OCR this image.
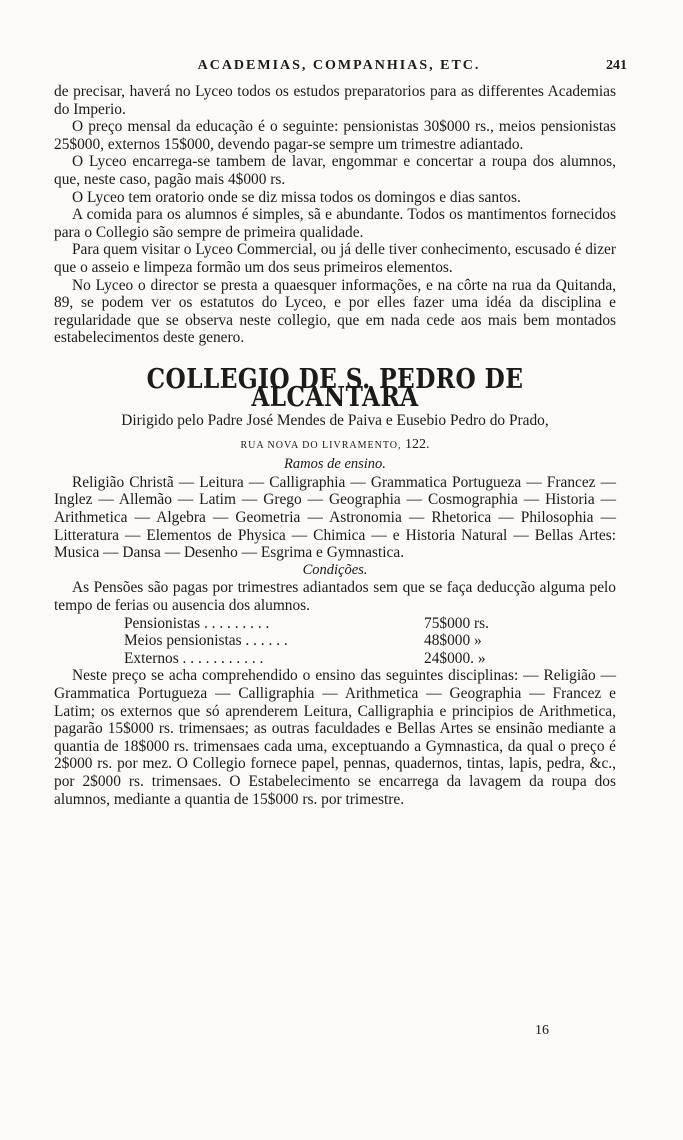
ACADEMIAS, COMPANHIAS, ETC.	241

de precisar, haverá no Lyceo todos os estudos preparatorios para as differentes Academias do Imperio.

O preço mensal da educação é o seguinte: pensionistas 30$000 rs., meios pensionistas 25$000, externos 15$000, devendo pagar-se sempre um trimestre adiantado.

O Lyceo encarrega-se tambem de lavar, engommar e concertar a roupa dos alumnos, que, neste caso, pagão mais 4$000 rs.

O Lyceo tem oratorio onde se diz missa todos os domingos e dias santos.

A comida para os alumnos é simples, sã e abundante. Todos os mantimentos fornecidos para o Collegio são sempre de primeira qualidade.

Para quem visitar o Lyceo Commercial, ou já delle tiver conhecimento, escusado é dizer que o asseio e limpeza formão um dos seus primeiros elementos.

No Lyceo o director se presta a quaesquer informações, e na côrte na rua da Quitanda, 89, se podem ver os estatutos do Lyceo, e por elles fazer uma idéa da disciplina e regularidade que se observa neste collegio, que em nada cede aos mais bem montados estabelecimentos deste genero.

COLLEGIO DE S. PEDRO DE ALCANTARA
Dirigido pelo Padre José Mendes de Paiva e Eusebio Pedro do Prado,
RUA NOVA DO LIVRAMENTO, 122.
Ramos de ensino.

Religião Christã — Leitura — Calligraphia — Grammatica Portugueza — Francez — Inglez — Allemão — Latim — Grego — Geographia — Cosmographia — Historia — Arithmetica — Algebra — Geometria — Astronomia — Rhetorica — Philosophia — Litteratura — Elementos de Physica — Chimica — e Historia Natural — Bellas Artes: Musica — Dansa — Desenho — Esgrima e Gymnastica.

Condições.

As Pensões são pagas por trimestres adiantados sem que se faça deducção alguma pelo tempo de ferias ou ausencia dos alumnos.

Pensionistas . . . . . . . . .	75$000 rs.
Meios pensionistas . . . . . .	48$000 »
Externos . . . . . . . . . . .	24$000. »

Neste preço se acha comprehendido o ensino das seguintes disciplinas: — Religião — Grammatica Portugueza — Calligraphia — Arithmetica — Geographia — Francez e Latim; os externos que só aprenderem Leitura, Calligraphia e principios de Arithmetica, pagarão 15$000 rs. trimensaes; as outras faculdades e Bellas Artes se ensinão mediante a quantia de 18$000 rs. trimensaes cada uma, exceptuando a Gymnastica, da qual o preço é 2$000 rs. por mez. O Collegio fornece papel, pennas, quadernos, tintas, lapis, pedra, &c., por 2$000 rs. trimensaes. O Estabelecimento se encarrega da lavagem da roupa dos alumnos, mediante a quantia de 15$000 rs. por trimestre.

16
